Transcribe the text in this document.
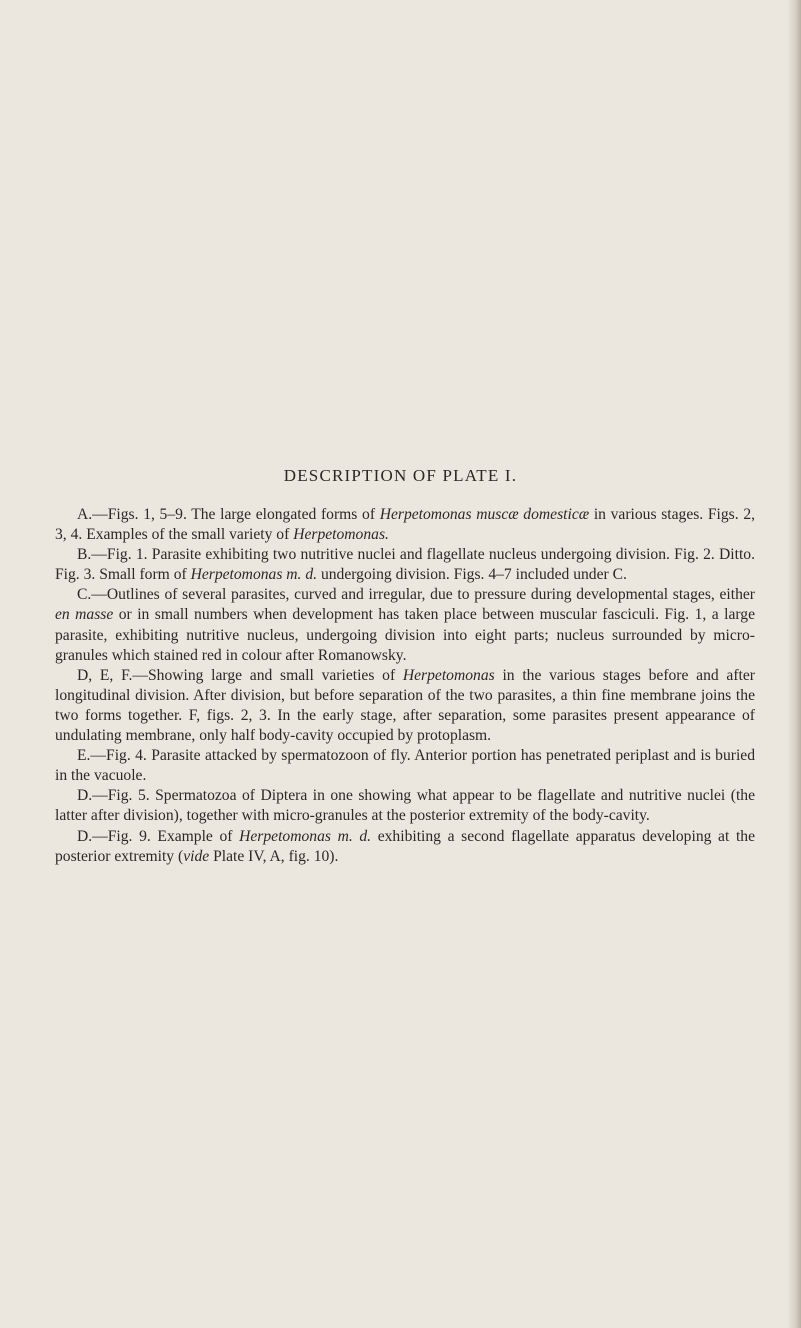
DESCRIPTION OF PLATE I.

A.—Figs. 1, 5–9. The large elongated forms of Herpetomonas muscæ domesticæ in various stages. Figs. 2, 3, 4. Examples of the small variety of Herpetomonas.

B.—Fig. 1. Parasite exhibiting two nutritive nuclei and flagellate nucleus undergoing division. Fig. 2. Ditto. Fig. 3. Small form of Herpetomonas m. d. undergoing division. Figs. 4–7 included under C.

C.—Outlines of several parasites, curved and irregular, due to pressure during developmental stages, either en masse or in small numbers when development has taken place between muscular fasciculi. Fig. 1, a large parasite, exhibiting nutritive nucleus, undergoing division into eight parts; nucleus surrounded by micro-granules which stained red in colour after Romanowsky.

D, E, F.—Showing large and small varieties of Herpetomonas in the various stages before and after longitudinal division. After division, but before separation of the two parasites, a thin fine membrane joins the two forms together. F, figs. 2, 3. In the early stage, after separation, some parasites present appearance of undulating membrane, only half body-cavity occupied by protoplasm.

E.—Fig. 4. Parasite attacked by spermatozoon of fly. Anterior portion has penetrated periplast and is buried in the vacuole.

D.—Fig. 5. Spermatozoa of Diptera in one showing what appear to be flagellate and nutritive nuclei (the latter after division), together with micro-granules at the posterior extremity of the body-cavity.

D.—Fig. 9. Example of Herpetomonas m. d. exhibiting a second flagellate apparatus developing at the posterior extremity (vide Plate IV, A, fig. 10).
